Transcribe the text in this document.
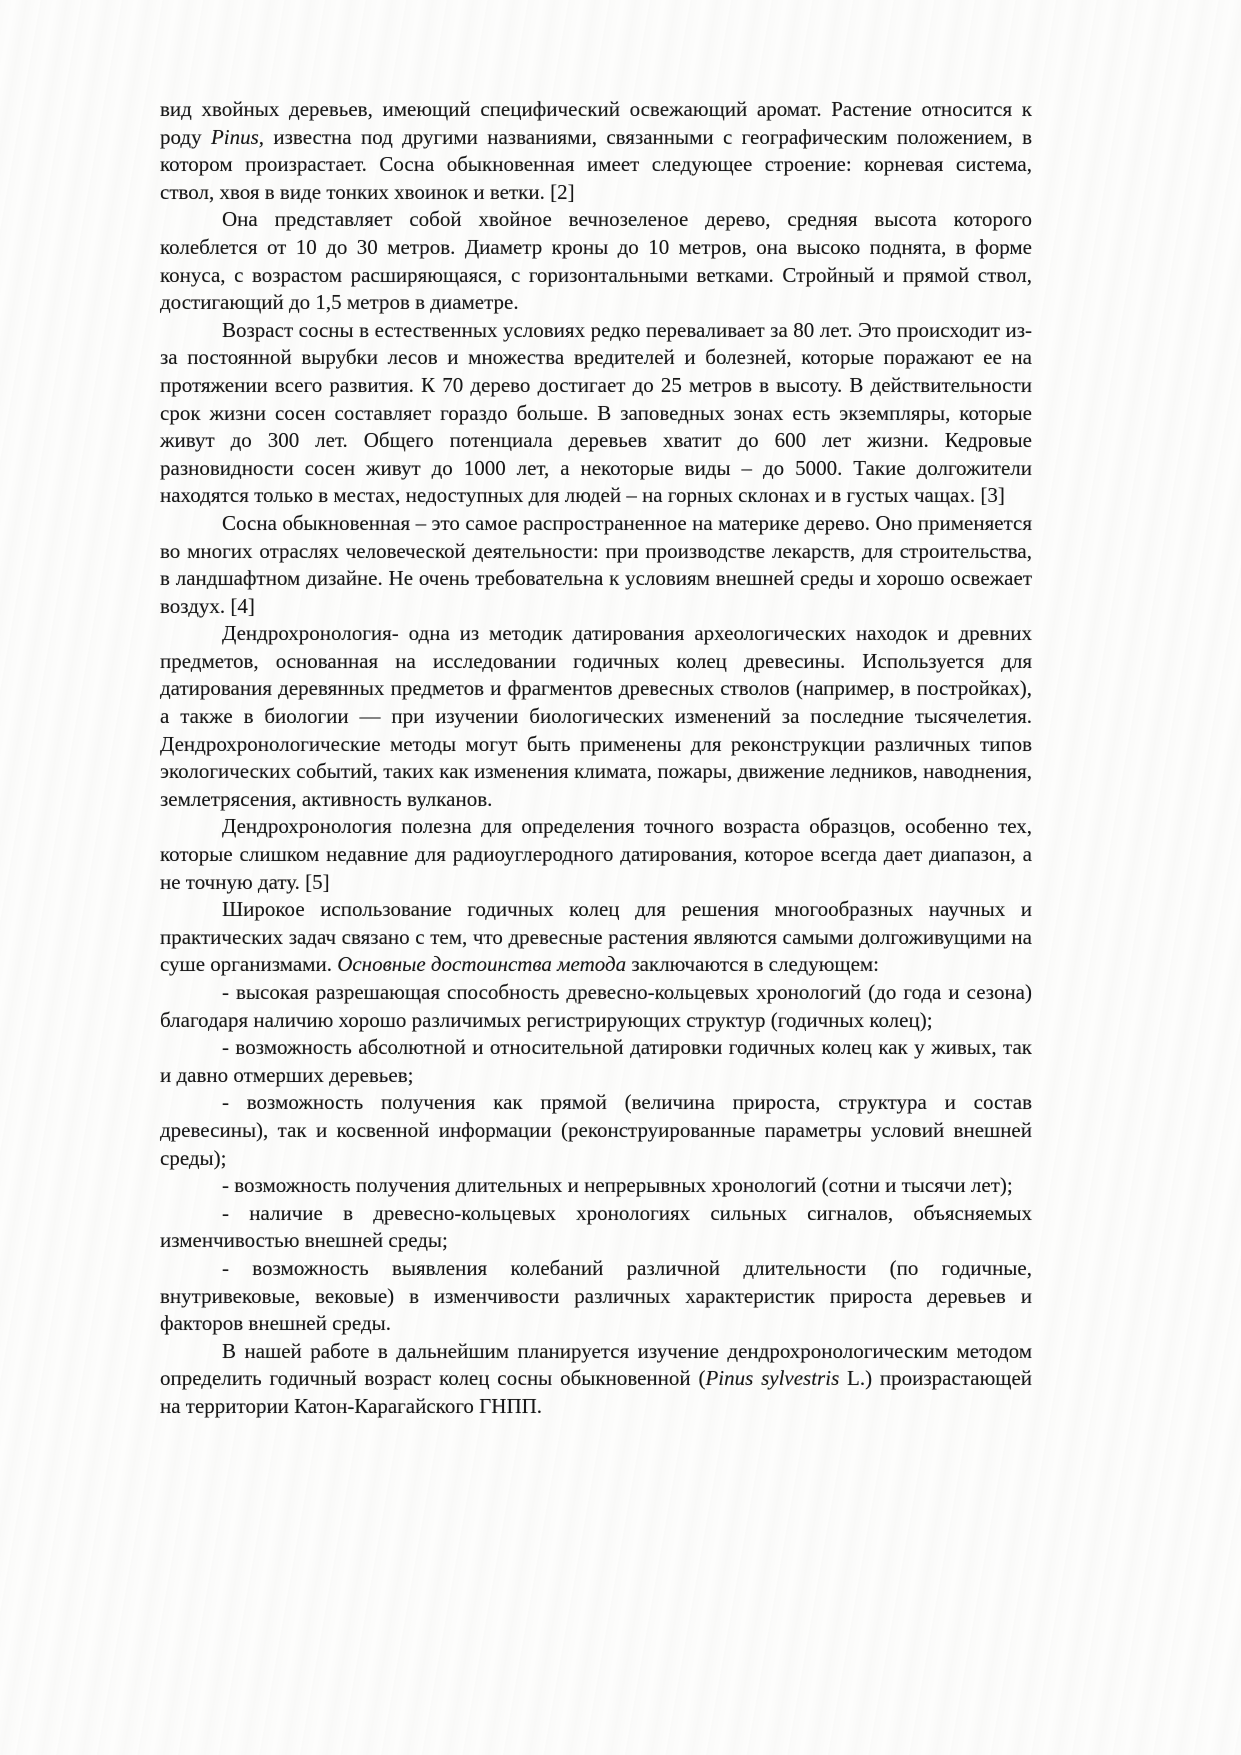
вид хвойных деревьев, имеющий специфический освежающий аромат. Растение относится к роду Pinus, известна под другими названиями, связанными с географическим положением, в котором произрастает. Сосна обыкновенная имеет следующее строение: корневая система, ствол, хвоя в виде тонких хвоинок и ветки. [2]

Она представляет собой хвойное вечнозеленое дерево, средняя высота которого колеблется от 10 до 30 метров. Диаметр кроны до 10 метров, она высоко поднята, в форме конуса, с возрастом расширяющаяся, с горизонтальными ветками. Стройный и прямой ствол, достигающий до 1,5 метров в диаметре.

Возраст сосны в естественных условиях редко переваливает за 80 лет. Это происходит из-за постоянной вырубки лесов и множества вредителей и болезней, которые поражают ее на протяжении всего развития. К 70 дерево достигает до 25 метров в высоту. В действительности срок жизни сосен составляет гораздо больше. В заповедных зонах есть экземпляры, которые живут до 300 лет. Общего потенциала деревьев хватит до 600 лет жизни. Кедровые разновидности сосен живут до 1000 лет, а некоторые виды – до 5000. Такие долгожители находятся только в местах, недоступных для людей – на горных склонах и в густых чащах. [3]

Сосна обыкновенная – это самое распространенное на материке дерево. Оно применяется во многих отраслях человеческой деятельности: при производстве лекарств, для строительства, в ландшафтном дизайне. Не очень требовательна к условиям внешней среды и хорошо освежает воздух. [4]

Дендрохронология- одна из методик датирования археологических находок и древних предметов, основанная на исследовании годичных колец древесины. Используется для датирования деревянных предметов и фрагментов древесных стволов (например, в постройках), а также в биологии — при изучении биологических изменений за последние тысячелетия. Дендрохронологические методы могут быть применены для реконструкции различных типов экологических событий, таких как изменения климата, пожары, движение ледников, наводнения, землетрясения, активность вулканов.

Дендрохронология полезна для определения точного возраста образцов, особенно тех, которые слишком недавние для радиоуглеродного датирования, которое всегда дает диапазон, а не точную дату. [5]

Широкое использование годичных колец для решения многообразных научных и практических задач связано с тем, что древесные растения являются самыми долгоживущими на суше организмами. Основные достоинства метода заключаются в следующем:

- высокая разрешающая способность древесно-кольцевых хронологий (до года и сезона) благодаря наличию хорошо различимых регистрирующих структур (годичных колец);

- возможность абсолютной и относительной датировки годичных колец как у живых, так и давно отмерших деревьев;

- возможность получения как прямой (величина прироста, структура и состав древесины), так и косвенной информации (реконструированные параметры условий внешней среды);

- возможность получения длительных и непрерывных хронологий (сотни и тысячи лет);

- наличие в древесно-кольцевых хронологиях сильных сигналов, объясняемых изменчивостью внешней среды;

- возможность выявления колебаний различной длительности (по годичные, внутривековые, вековые) в изменчивости различных характеристик прироста деревьев и факторов внешней среды.

В нашей работе в дальнейшим планируется изучение дендрохронологическим методом определить годичный возраст колец сосны обыкновенной (Pinus sylvestris L.) произрастающей на территории Катон-Карагайского ГНПП.
